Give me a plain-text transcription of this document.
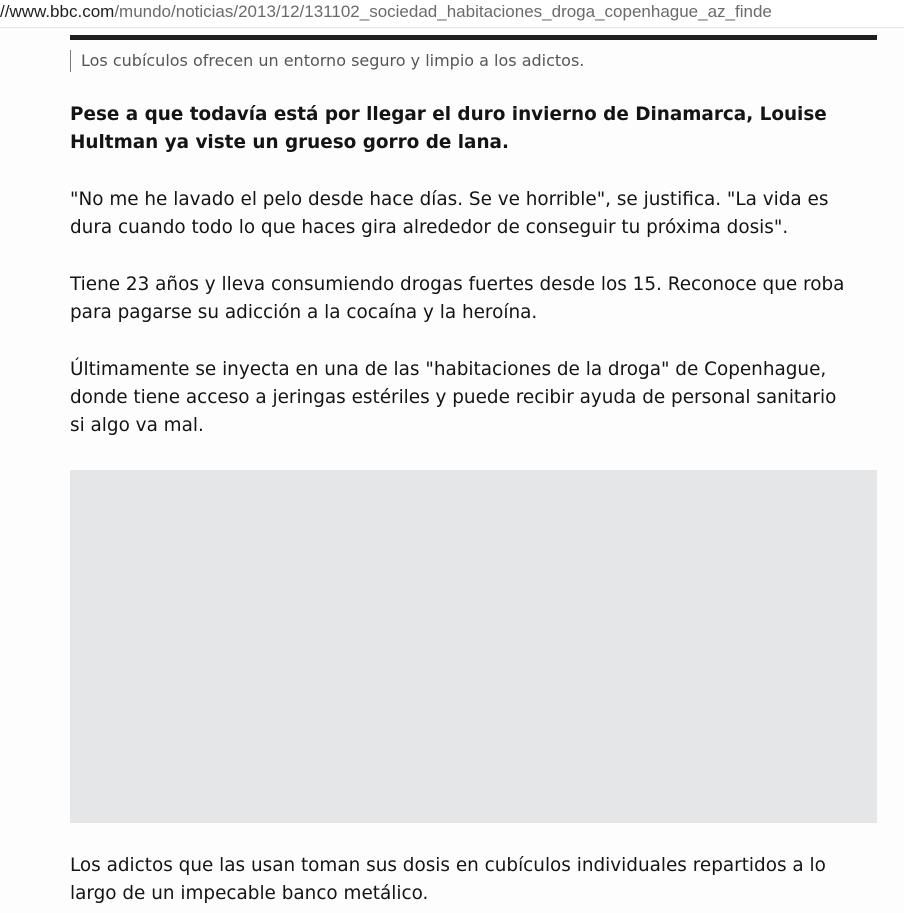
//www.bbc.com/mundo/noticias/2013/12/131102_sociedad_habitaciones_droga_copenhague_az_finde
Los cubículos ofrecen un entorno seguro y limpio a los adictos.

Pese a que todavía está por llegar el duro invierno de Dinamarca, Louise Hultman ya viste un grueso gorro de lana.

"No me he lavado el pelo desde hace días. Se ve horrible", se justifica. "La vida es dura cuando todo lo que haces gira alrededor de conseguir tu próxima dosis".

Tiene 23 años y lleva consumiendo drogas fuertes desde los 15. Reconoce que roba para pagarse su adicción a la cocaína y la heroína.

Últimamente se inyecta en una de las "habitaciones de la droga" de Copenhague, donde tiene acceso a jeringas estériles y puede recibir ayuda de personal sanitario si algo va mal.

Los adictos que las usan toman sus dosis en cubículos individuales repartidos a lo largo de un impecable banco metálico.
